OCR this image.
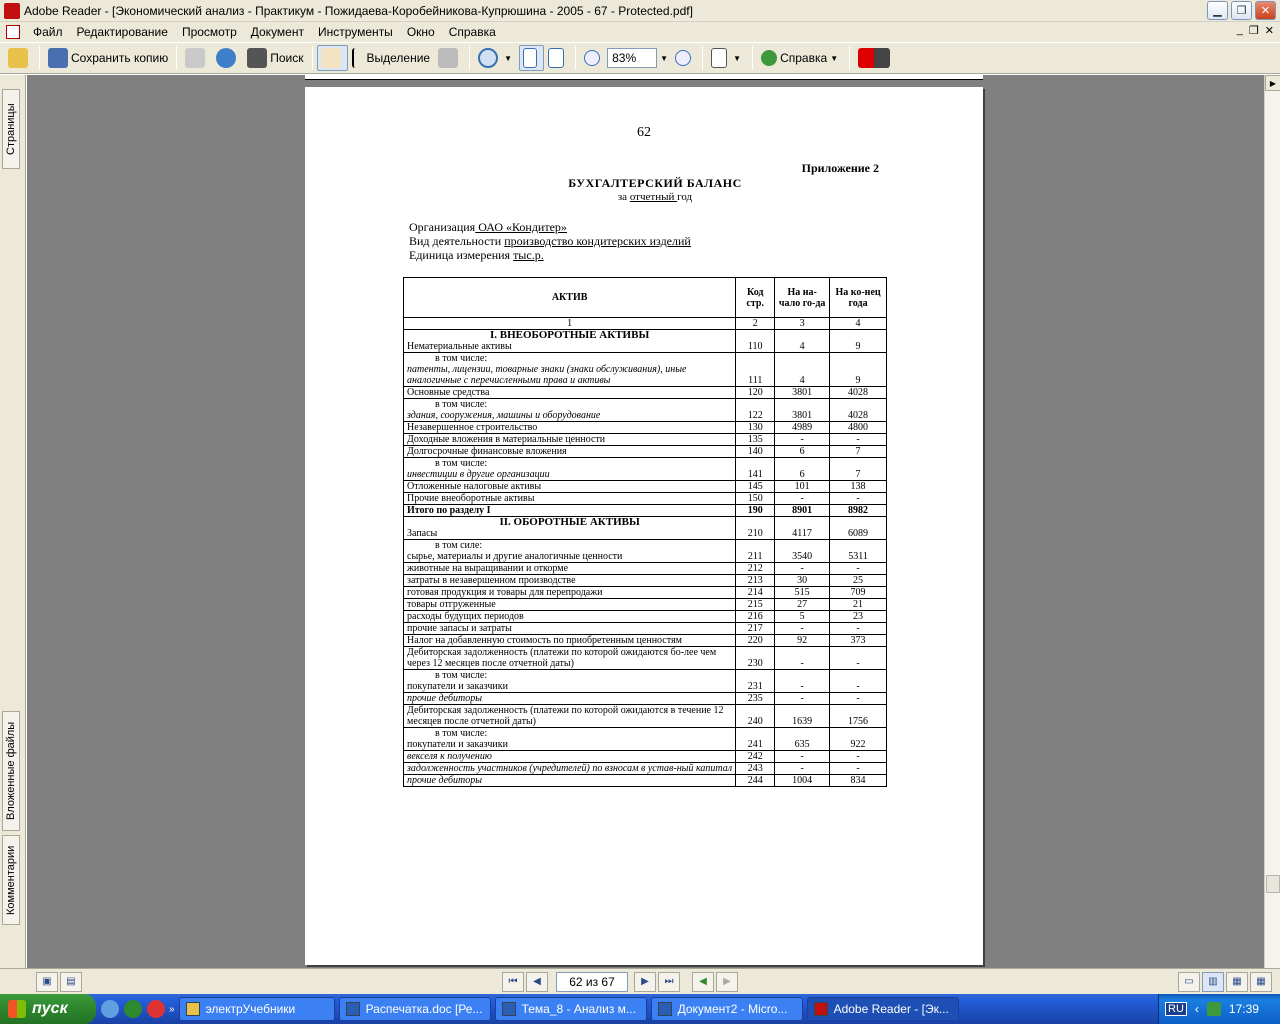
Adobe Reader - [Экономический анализ - Практикум - Пожидаева-Коробейникова-Купрюшина - 2005 - 67 - Protected.pdf]	▁	❐	✕
Файл	Редактирование	Просмотр	Документ	Инструменты	Окно	Справка	_ ❐ ✕
Сохранить копию	Поиск	Выделение	▼
83%	▼	▼	Справка ▼
Страницы
Вложенные файлы
Комментарии
62
Приложение 2
БУХГАЛТЕРСКИЙ БАЛАНС
за отчетный год
Организация ОАО «Кондитер»
Вид деятельности производство кондитерских изделий
Единица измерения тыс.р.
АКТИВ	Код стр.	На на-чало го-да	На ко-нец года
1	2	3	4

I. ВНЕОБОРОТНЫЕ АКТИВЫ
Нематериальные активы	110	4	9

в том числе:
патенты, лицензии, товарные знаки (знаки обслуживания), иные аналогичные с перечисленными права и активы	111	4	9
Основные средства	120	3801	4028

в том числе:
здания, сооружения, машины и оборудование	122	3801	4028
Незавершенное строительство	130	4989	4800
Доходные вложения в материальные ценности	135	-	-
Долгосрочные финансовые вложения	140	6	7

в том числе:
инвестиции в другие организации	141	6	7
Отложенные налоговые активы	145	101	138
Прочие внеоборотные активы	150	-	-
Итого по разделу I	190	8901	8982

II. ОБОРОТНЫЕ АКТИВЫ
Запасы	210	4117	6089

в том силе:
сырье, материалы и другие аналогичные ценности	211	3540	5311
животные на выращивании и откорме	212	-	-
затраты в незавершенном производстве	213	30	25
готовая продукция и товары для перепродажи	214	515	709
товары отгруженные	215	27	21
расходы будущих периодов	216	5	23
прочие запасы и затраты	217	-	-
Налог на добавленную стоимость по приобретенным ценностям	220	92	373
Дебиторская задолженность (платежи по которой ожидаются бо-лее чем через 12 месяцев после отчетной даты)	230	-	-

в том числе:
покупатели и заказчики	231	-	-
прочие дебиторы	235	-	-
Дебиторская задолженность (платежи по которой ожидаются в течение 12 месяцев после отчетной даты)	240	1639	1756

в том числе:
покупатели и заказчики	241	635	922
векселя к получению	242	-	-
задолженность участников (учредителей) по взносам в устав-ный капитал	243	-	-
прочие дебиторы	244	1004	834
▶
▣	▤	⏮	◀	62 из 67	▶	⏭	◀	▶	▭	▥	▦	▦
пуск	»	электрУчебники	Распечатка.doc [Ре...	Тема_8 - Анализ м...	Документ2 - Micro...	Adobe Reader - [Эк...	RU ‹	17:39
